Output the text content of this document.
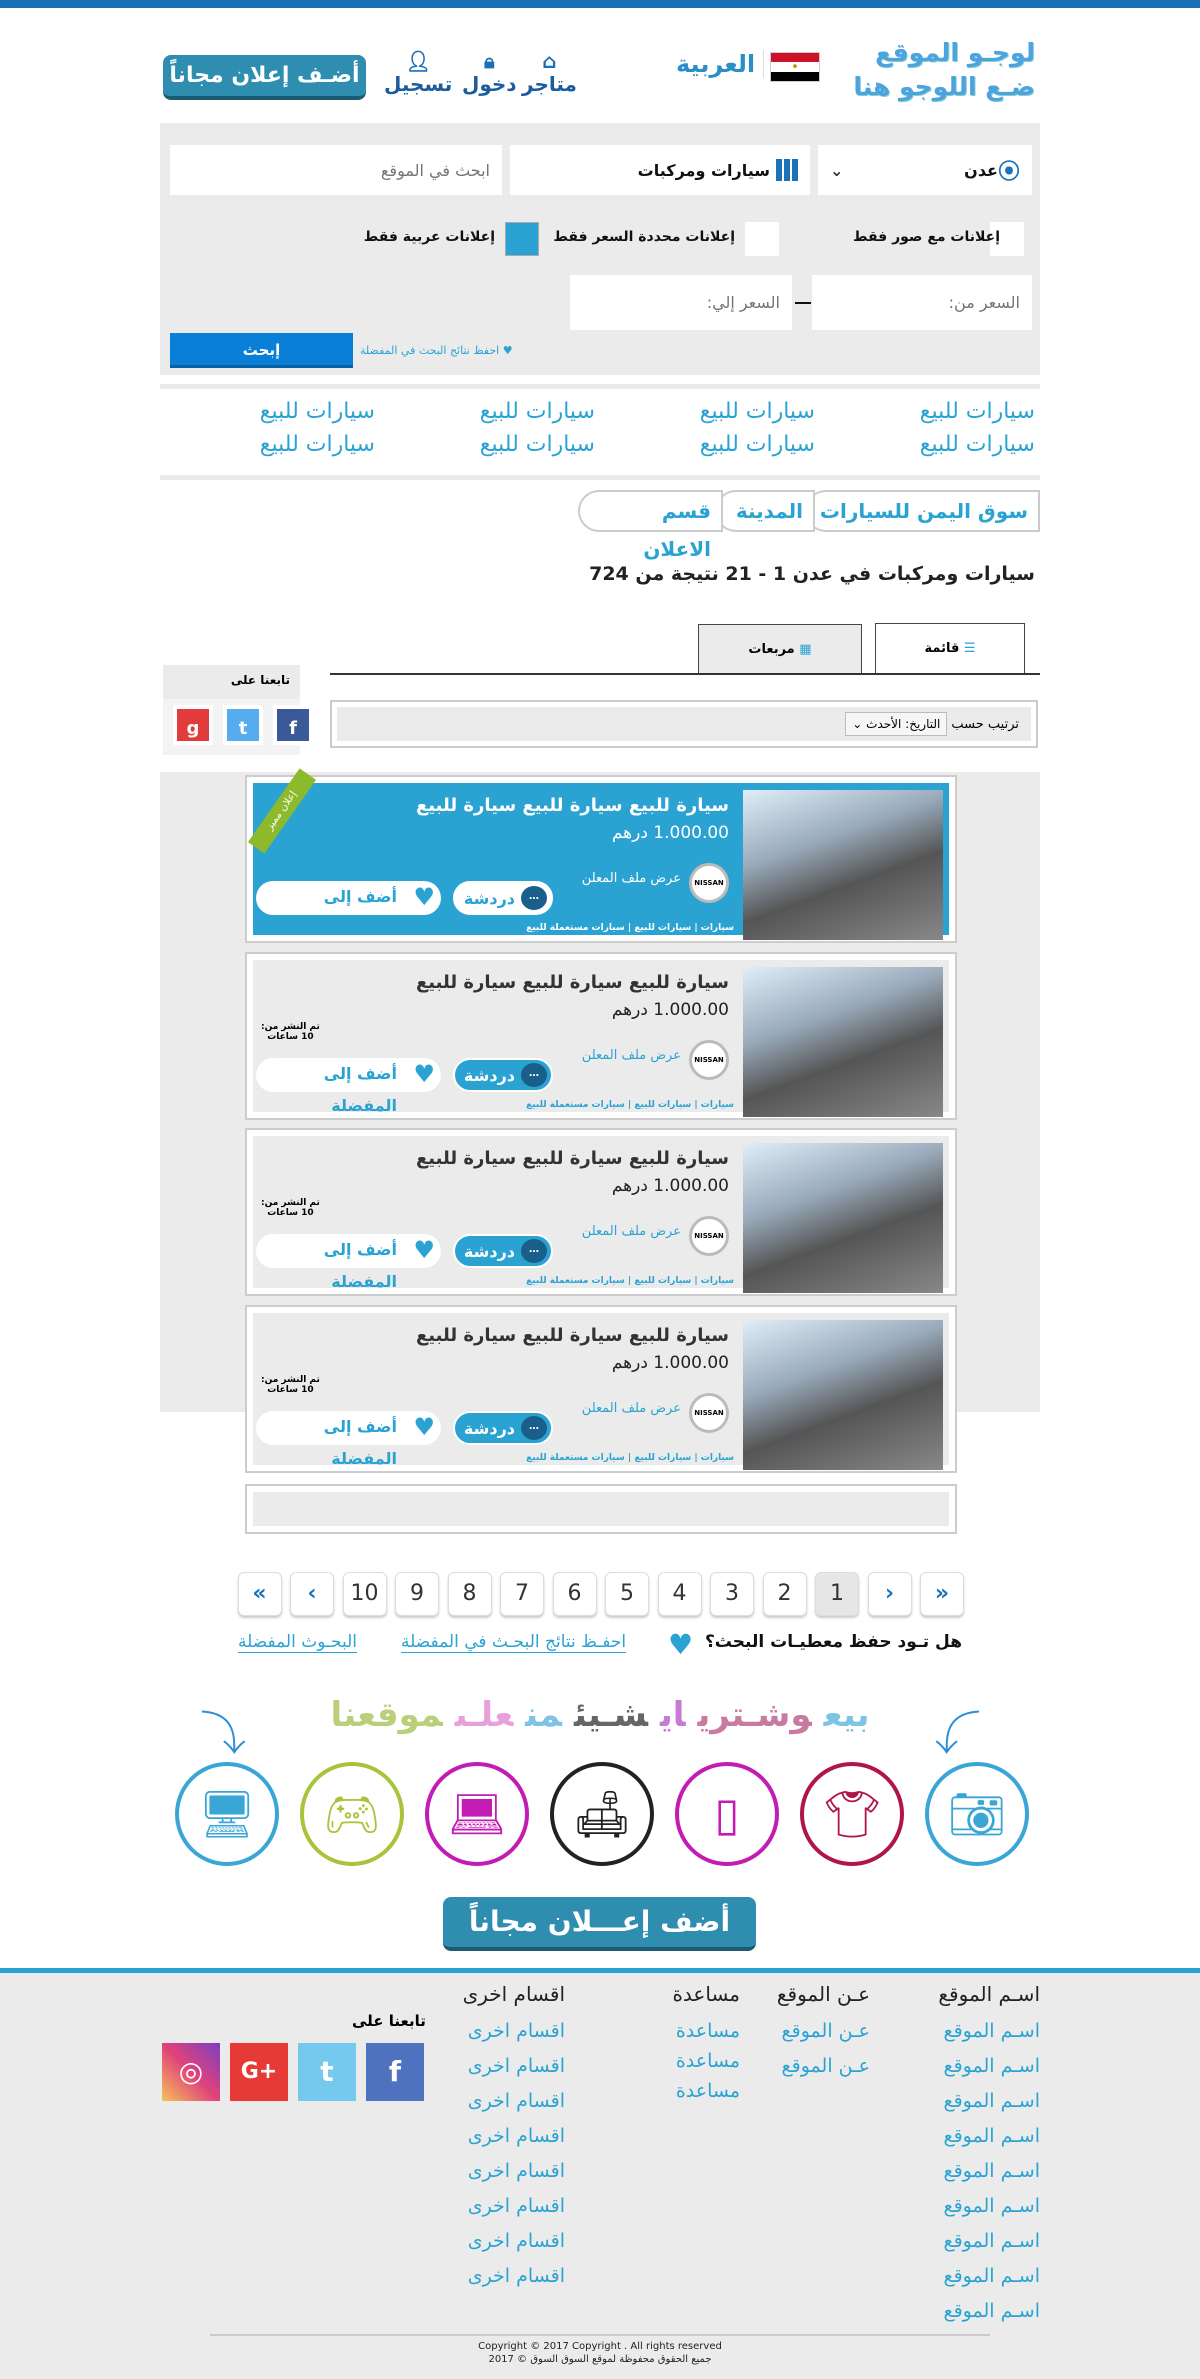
لوجـو الموقع
ضـع اللوجو هنا
⬥
العربية
⌂
متاجر
🔒︎
دخول
👤︎
تسجيل
أضـف إعلان مجاناً
⦿
عدن
⌄
سيارات ومركبات
ابحث في الموقع
إعلانات مع صور فقط
إعلانات محددة السعر فقط
إعلانات عربية فقط
السعر من:
السعر إلي:
♥ احفظ نتائج البحث في المفضلة
إبحث
سيارات للبيع
سيارات للبيع
سيارات للبيع
سيارات للبيع
سيارات للبيع
سيارات للبيع
سيارات للبيع
سيارات للبيع
سوق اليمن للسيارات
المدينة
قسم الاعلان
سيارات ومركبات في عدن 1 - 21 نتيجة من 724
☰ قائمة
▦ مربعات
تابعنا على
f
t
g	ترتيب حسب
التاريخ: الأحدث ⌄
سيارة للبيع سيارة للبيع سيارة للبيع
1.000.00 درهم
NISSAN
عرض ملف المعلن
…
دردشة
♥
أضف إلى المفضلة	سيارات | سيارات للبيع | سيارات مستعملة للبيع
إعلان مميز
سيارة للبيع سيارة للبيع سيارة للبيع
1.000.00 درهم
NISSAN
عرض ملف المعلن
…
دردشة
♥
أضف إلى المفضلة	سيارات | سيارات للبيع | سيارات مستعملة للبيع
تم النشر من:
10 ساعات
سيارة للبيع سيارة للبيع سيارة للبيع
1.000.00 درهم
NISSAN
عرض ملف المعلن
…
دردشة
♥
أضف إلى المفضلة	سيارات | سيارات للبيع | سيارات مستعملة للبيع
تم النشر من:
10 ساعات
سيارة للبيع سيارة للبيع سيارة للبيع
1.000.00 درهم
NISSAN
عرض ملف المعلن
…
دردشة
♥
أضف إلى المفضلة	سيارات | سيارات للبيع | سيارات مستعملة للبيع
تم النشر من:
10 ساعات
»
›
1
2
3
4
5
6
7
8
9
10
‹
«
هل تـود حفظ معطيـات البحث؟
♥
احفـظ نتائج البحـث في المفضلة
البحـوث المفضلة
⤵	⤵
بيعوشـتريايشـيئمنعلـىموقعنا
📷︎
👕︎
▯
🛋︎
💻︎
🎮︎
🖥︎
أضف إعـــلان مجاناً
اسـم الموقع
اسـم الموقع
اسـم الموقع
اسـم الموقع
اسـم الموقع
اسـم الموقع
اسـم الموقع
اسـم الموقع
اسـم الموقع
اسـم الموقع
عـن الموقع
عـن الموقع
عـن الموقع
مساعدة
مساعدة
مساعدة
مساعدة
اقسام اخرى
اقسام اخرى
اقسام اخرى
اقسام اخرى
اقسام اخرى
اقسام اخرى
اقسام اخرى
اقسام اخرى
اقسام اخرى
تابعنا على
f
t
G+
◎
Copyright © 2017 Copyright . All rights reserved
جميع الحقوق محفوظة لموقع السوق السوق © 2017
